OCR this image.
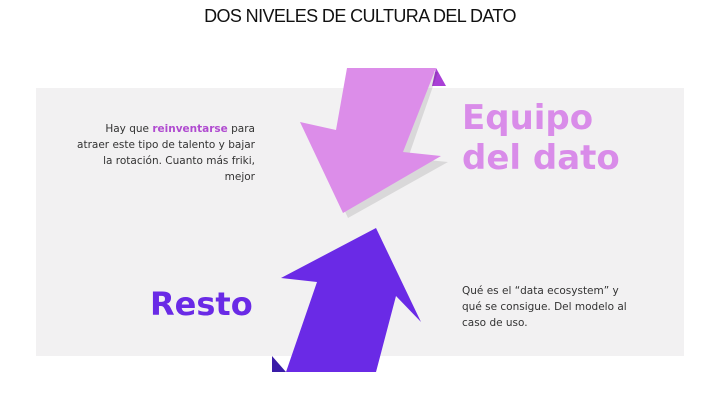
DOS NIVELES DE CULTURA DEL DATO
Hay que reinventarse para atraer este tipo de talento y bajar la rotación. Cuanto más friki, mejor
Equipo
del dato
Resto	Qué es el “data ecosystem” y qué se consigue. Del modelo al caso de uso.
